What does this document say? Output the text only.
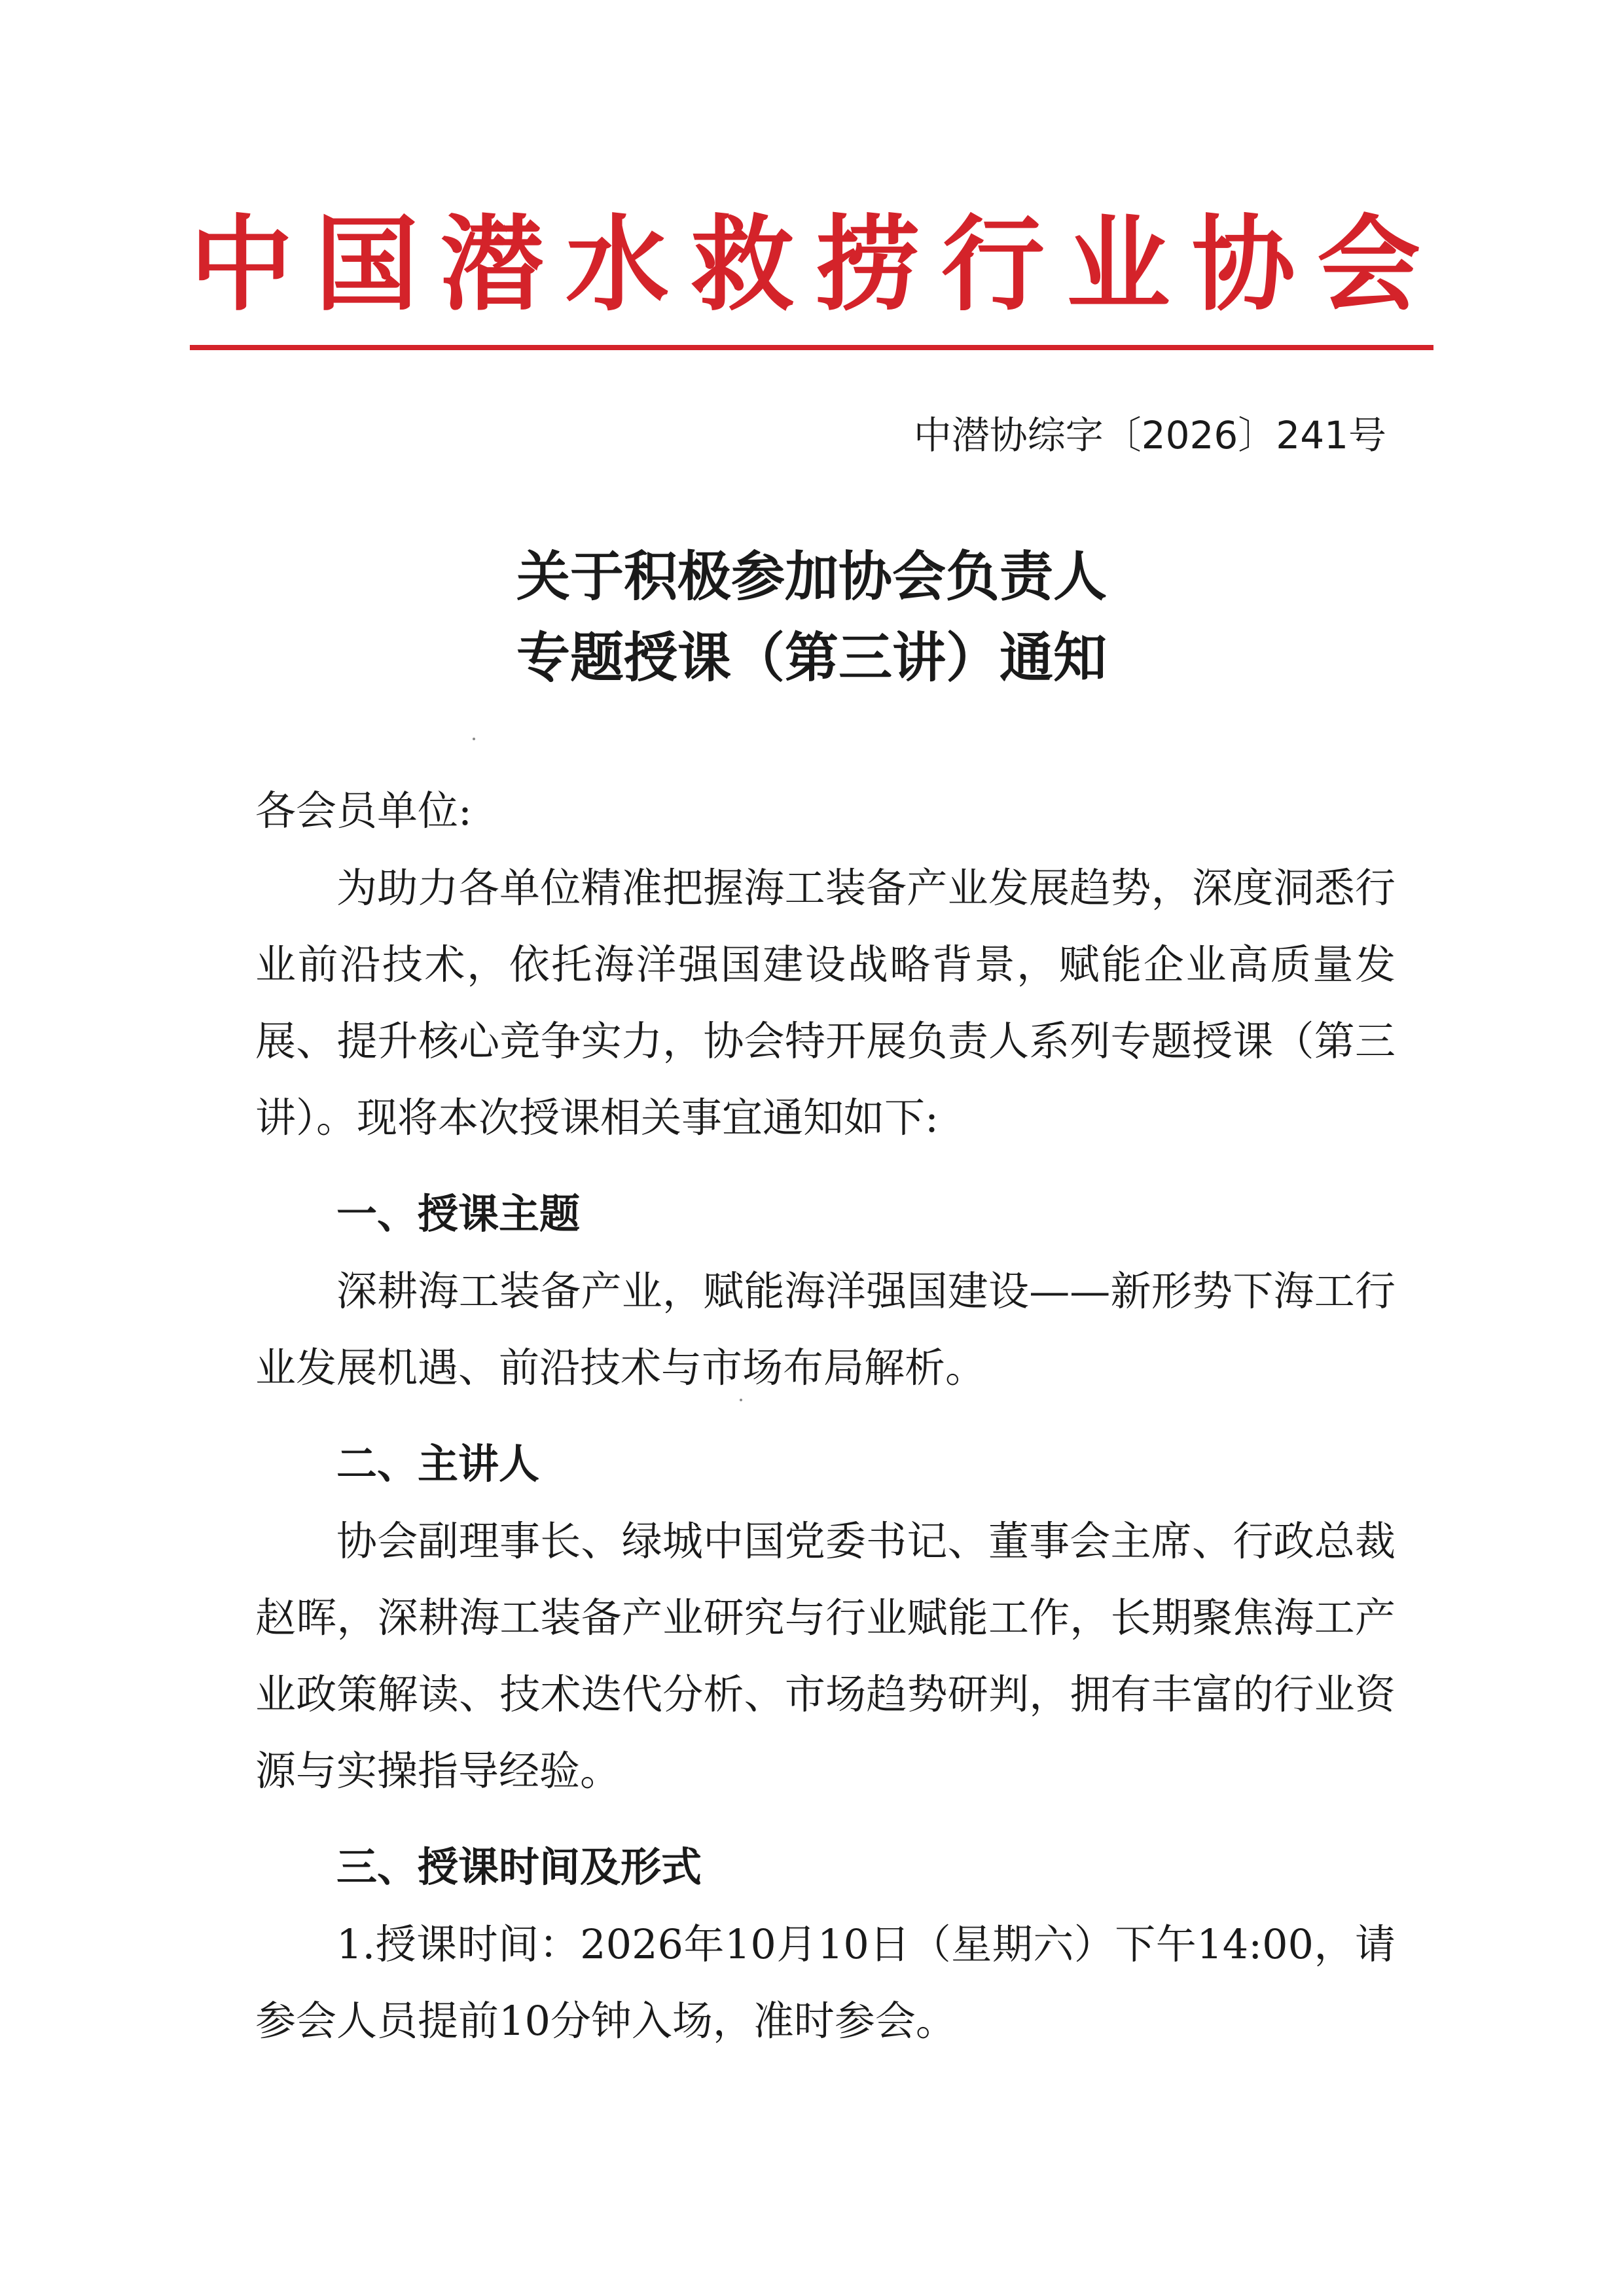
中国潜水救捞行业协会
中潜协综字〔2026〕241号
关于积极参加协会负责人
专题授课（第三讲）通知
各会员单位:

为助力各单位精准把握海工装备产业发展趋势，深度洞悉行业前沿技术，依托海洋强国建设战略背景，赋能企业高质量发展、提升核心竞争实力，协会特开展负责人系列专题授课（第三讲）。现将本次授课相关事宜通知如下:

一、授课主题

深耕海工装备产业，赋能海洋强国建设——新形势下海工行业发展机遇、前沿技术与市场布局解析。

二、主讲人

协会副理事长、绿城中国党委书记、董事会主席、行政总裁赵晖，深耕海工装备产业研究与行业赋能工作，长期聚焦海工产业政策解读、技术迭代分析、市场趋势研判，拥有丰富的行业资源与实操指导经验。

三、授课时间及形式

1.授课时间：2026年10月10日（星期六）下午14:00，请参会人员提前10分钟入场，准时参会。
